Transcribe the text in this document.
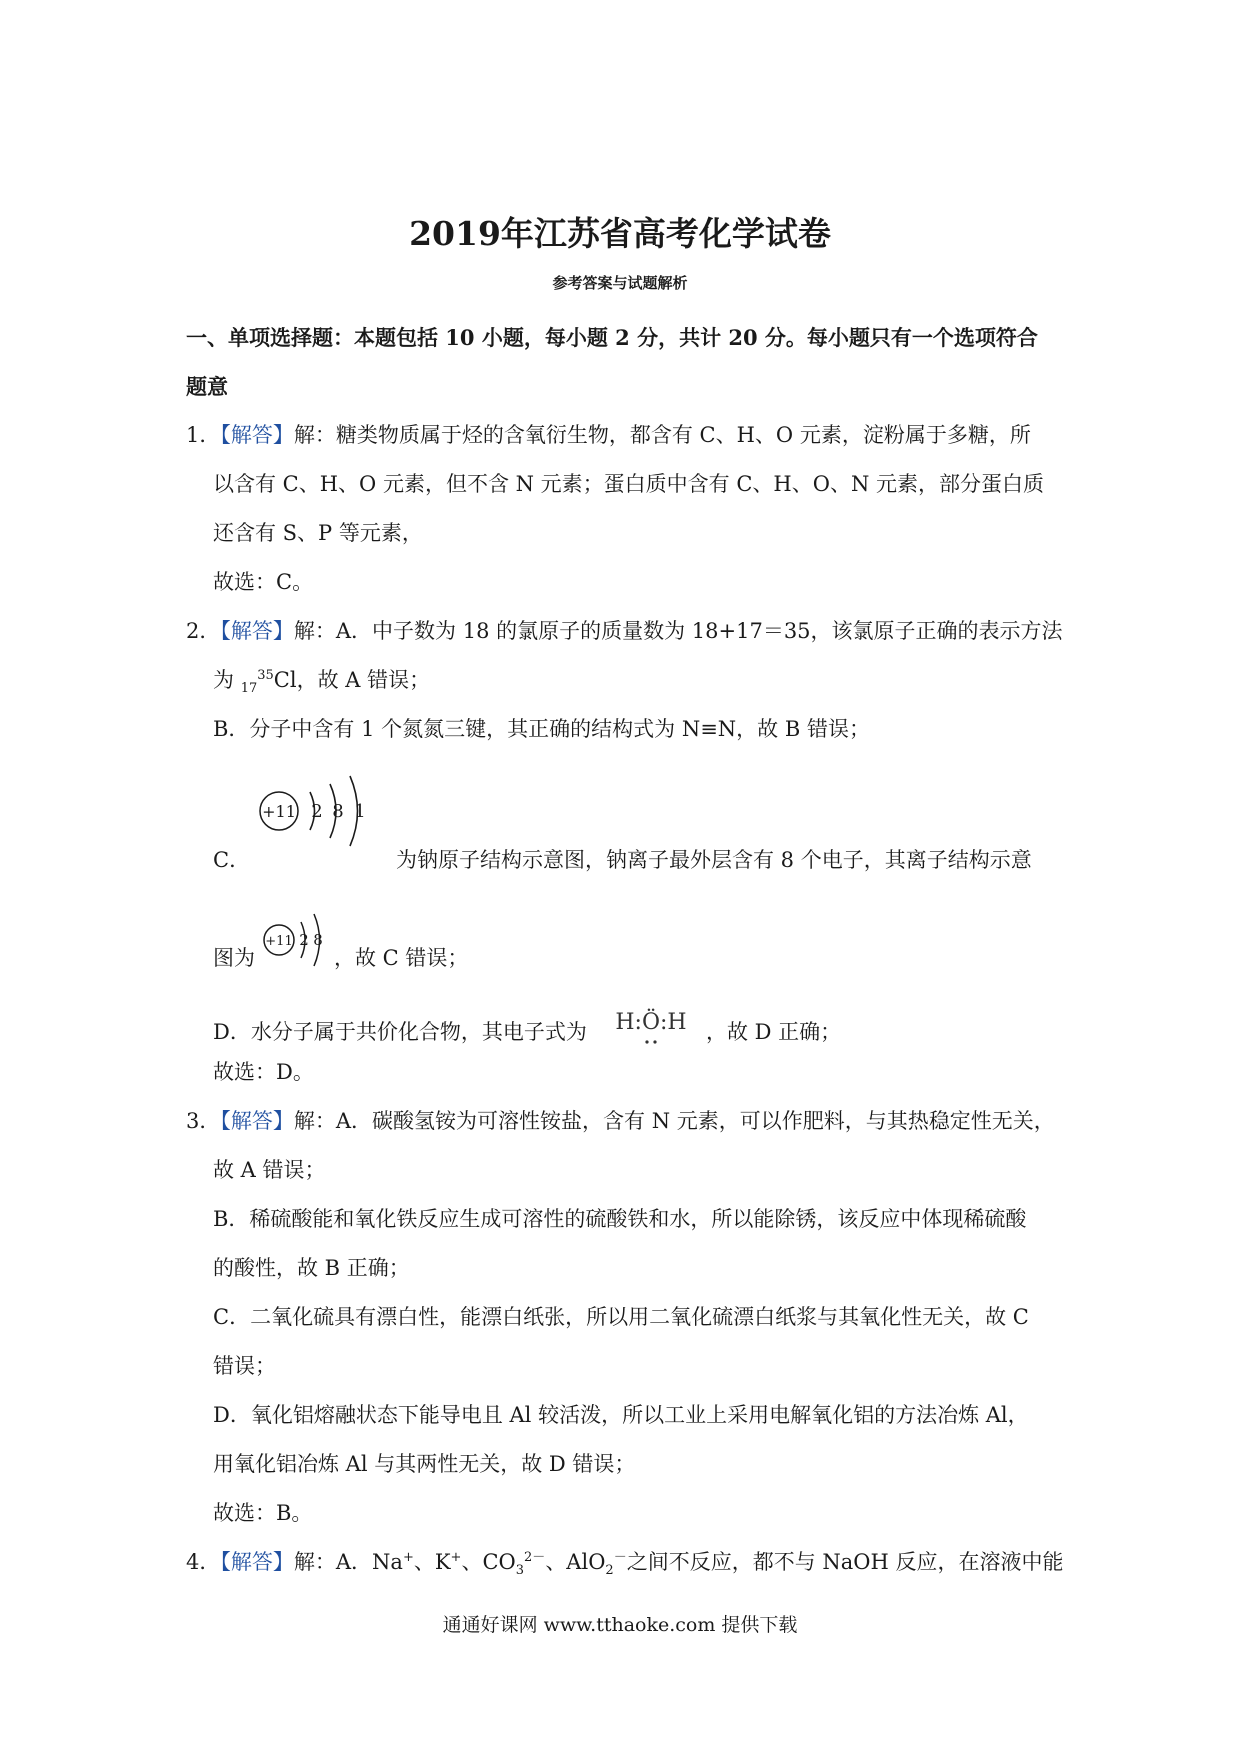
2019年江苏省高考化学试卷
参考答案与试题解析
一、单项选择题：本题包括 10 小题，每小题 2 分，共计 20 分。每小题只有一个选项符合
题意
1．【解答】解：糖类物质属于烃的含氧衍生物，都含有 C、H、O 元素，淀粉属于多糖，所
以含有 C、H、O 元素，但不含 N 元素；蛋白质中含有 C、H、O、N 元素，部分蛋白质
还含有 S、P 等元素，
故选：C。
2．【解答】解：A．中子数为 18 的氯原子的质量数为 18+17＝35，该氯原子正确的表示方法
为 $_{17}^{35}$Cl，故 A 错误；
B．分子中含有 1 个氮氮三键，其正确的结构式为 N≡N，故 B 错误；
+11 2 8 1
C．	为钠原子结构示意图，钠离子最外层含有 8 个电子，其离子结构示意
图为
+11 2 8
，故 C 错误；
D．水分子属于共价化合物，其电子式为 H:Ö:H ，故 D 正确；
故选：D。
3．【解答】解：A．碳酸氢铵为可溶性铵盐，含有 N 元素，可以作肥料，与其热稳定性无关，
故 A 错误；
B．稀硫酸能和氧化铁反应生成可溶性的硫酸铁和水，所以能除锈，该反应中体现稀硫酸
的酸性，故 B 正确；
C．二氧化硫具有漂白性，能漂白纸张，所以用二氧化硫漂白纸浆与其氧化性无关，故 C
错误；
D．氧化铝熔融状态下能导电且 Al 较活泼，所以工业上采用电解氧化铝的方法冶炼 Al，
用氧化铝冶炼 Al 与其两性无关，故 D 错误；
故选：B。
4．【解答】解：A．Na+、K+、$CO_3^{2-}$、AlO$_2$－之间不反应，都不与 NaOH 反应，在溶液中能
通通好课网 www.tthaoke.com 提供下载
